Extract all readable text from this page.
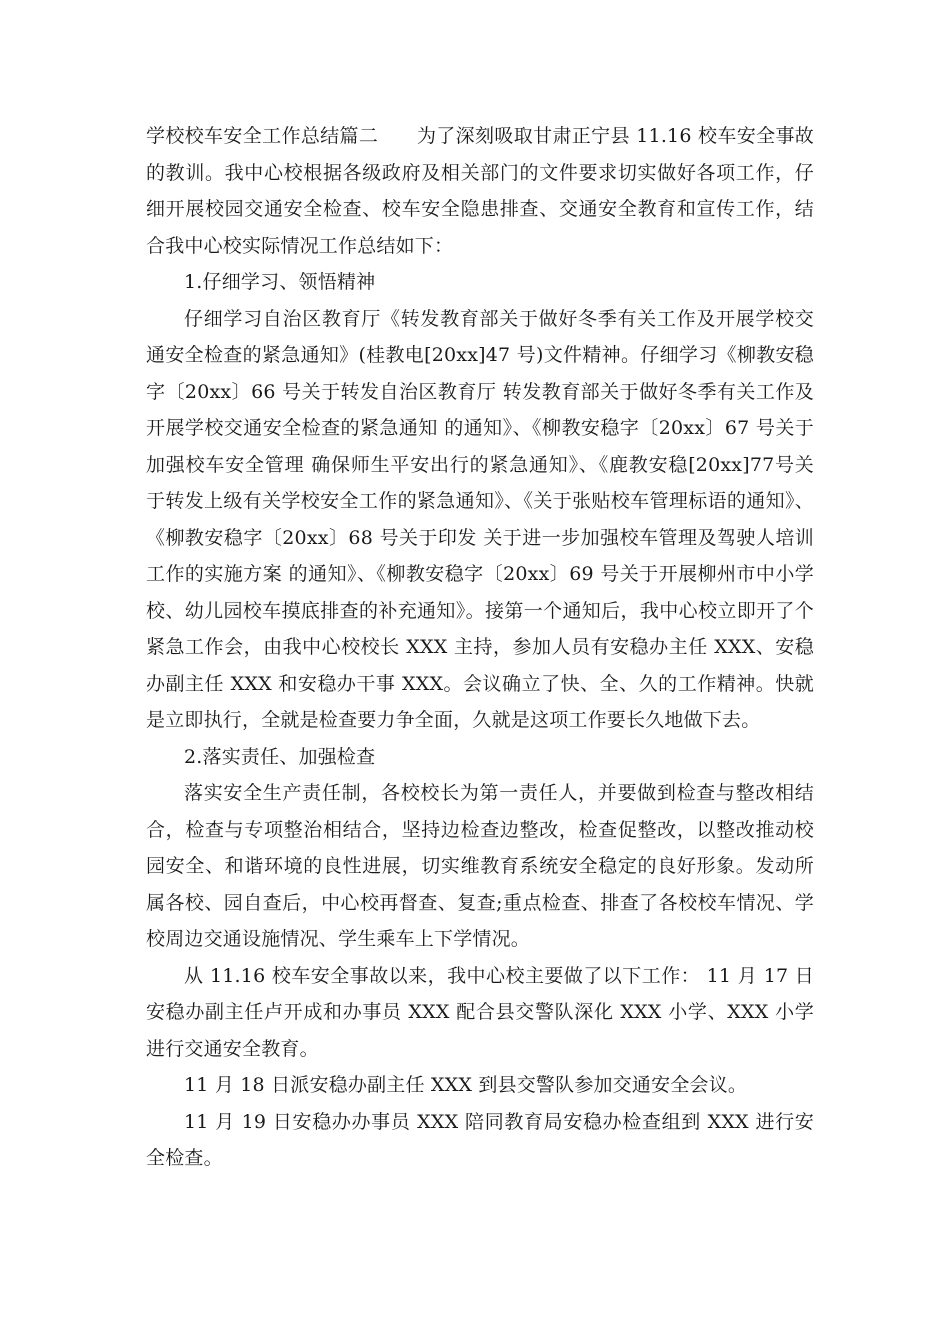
学校校车安全工作总结篇二　　为了深刻吸取甘肃正宁县 11.16 校车安全事故的教训。我中心校根据各级政府及相关部门的文件要求切实做好各项工作，仔细开展校园交通安全检查、校车安全隐患排查、交通安全教育和宣传工作，结合我中心校实际情况工作总结如下：

1.仔细学习、领悟精神

仔细学习自治区教育厅《转发教育部关于做好冬季有关工作及开展学校交通安全检查的紧急通知》(桂教电[20xx]47 号)文件精神。仔细学习《柳教安稳字〔20xx〕66 号关于转发自治区教育厅 转发教育部关于做好冬季有关工作及开展学校交通安全检查的紧急通知 的通知》、《柳教安稳字〔20xx〕67 号关于加强校车安全管理 确保师生平安出行的紧急通知》、《鹿教安稳[20xx]77号关于转发上级有关学校安全工作的紧急通知》、《关于张贴校车管理标语的通知》、《柳教安稳字〔20xx〕68 号关于印发 关于进一步加强校车管理及驾驶人培训工作的实施方案 的通知》、《柳教安稳字〔20xx〕69 号关于开展柳州市中小学校、幼儿园校车摸底排查的补充通知》。接第一个通知后，我中心校立即开了个紧急工作会，由我中心校校长 XXX 主持，参加人员有安稳办主任 XXX、安稳办副主任 XXX 和安稳办干事 XXX。会议确立了快、全、久的工作精神。快就是立即执行，全就是检查要力争全面，久就是这项工作要长久地做下去。

2.落实责任、加强检查

落实安全生产责任制，各校校长为第一责任人，并要做到检查与整改相结合，检查与专项整治相结合，坚持边检查边整改，检查促整改，以整改推动校园安全、和谐环境的良性进展，切实维教育系统安全稳定的良好形象。发动所属各校、园自查后，中心校再督查、复查;重点检查、排查了各校校车情况、学校周边交通设施情况、学生乘车上下学情况。

从 11.16 校车安全事故以来，我中心校主要做了以下工作： 11 月 17 日安稳办副主任卢开成和办事员 XXX 配合县交警队深化 XXX 小学、XXX 小学进行交通安全教育。

11 月 18 日派安稳办副主任 XXX 到县交警队参加交通安全会议。

11 月 19 日安稳办办事员 XXX 陪同教育局安稳办检查组到 XXX 进行安全检查。
